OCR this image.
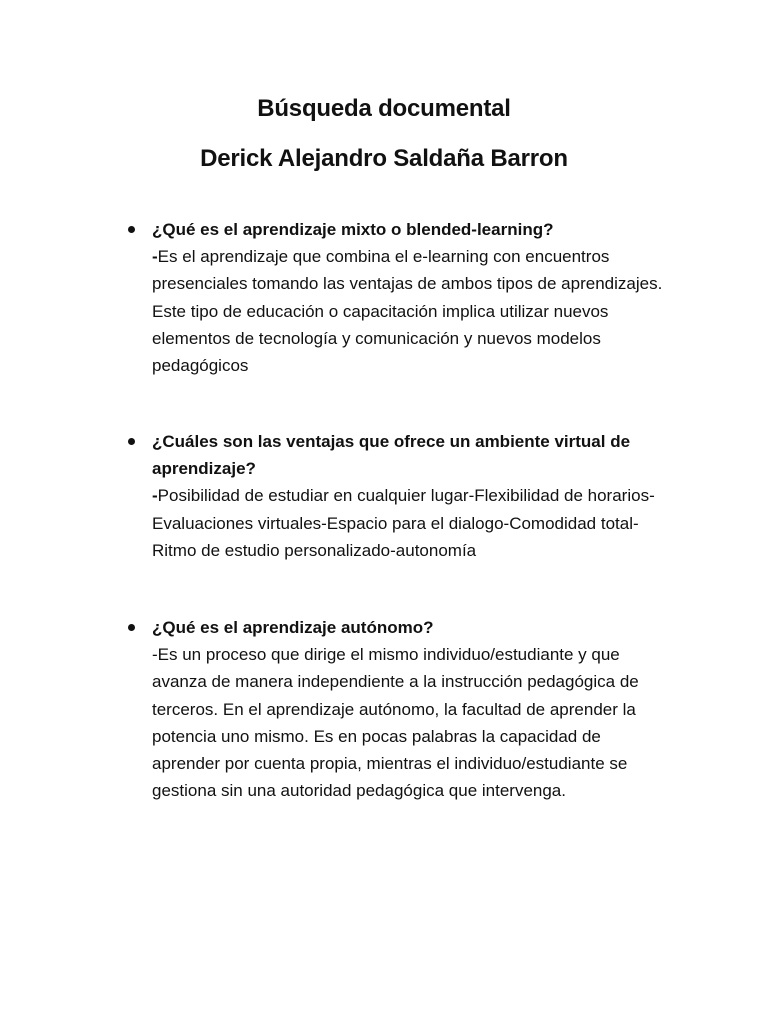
Búsqueda documental
Derick Alejandro Saldaña Barron
¿Qué es el aprendizaje mixto o blended-learning?
-Es el aprendizaje que combina el e-learning con encuentros presenciales tomando las ventajas de ambos tipos de aprendizajes. Este tipo de educación o capacitación implica utilizar nuevos elementos de tecnología y comunicación y nuevos modelos pedagógicos
¿Cuáles son las ventajas que ofrece un ambiente virtual de aprendizaje?
-Posibilidad de estudiar en cualquier lugar-Flexibilidad de horarios-Evaluaciones virtuales-Espacio para el dialogo-Comodidad total-Ritmo de estudio personalizado-autonomía
¿Qué es el aprendizaje autónomo?
-Es un proceso que dirige el mismo individuo/estudiante y que avanza de manera independiente a la instrucción pedagógica de terceros. En el aprendizaje autónomo, la facultad de aprender la potencia uno mismo. Es en pocas palabras la capacidad de aprender por cuenta propia, mientras el individuo/estudiante se gestiona sin una autoridad pedagógica que intervenga.
